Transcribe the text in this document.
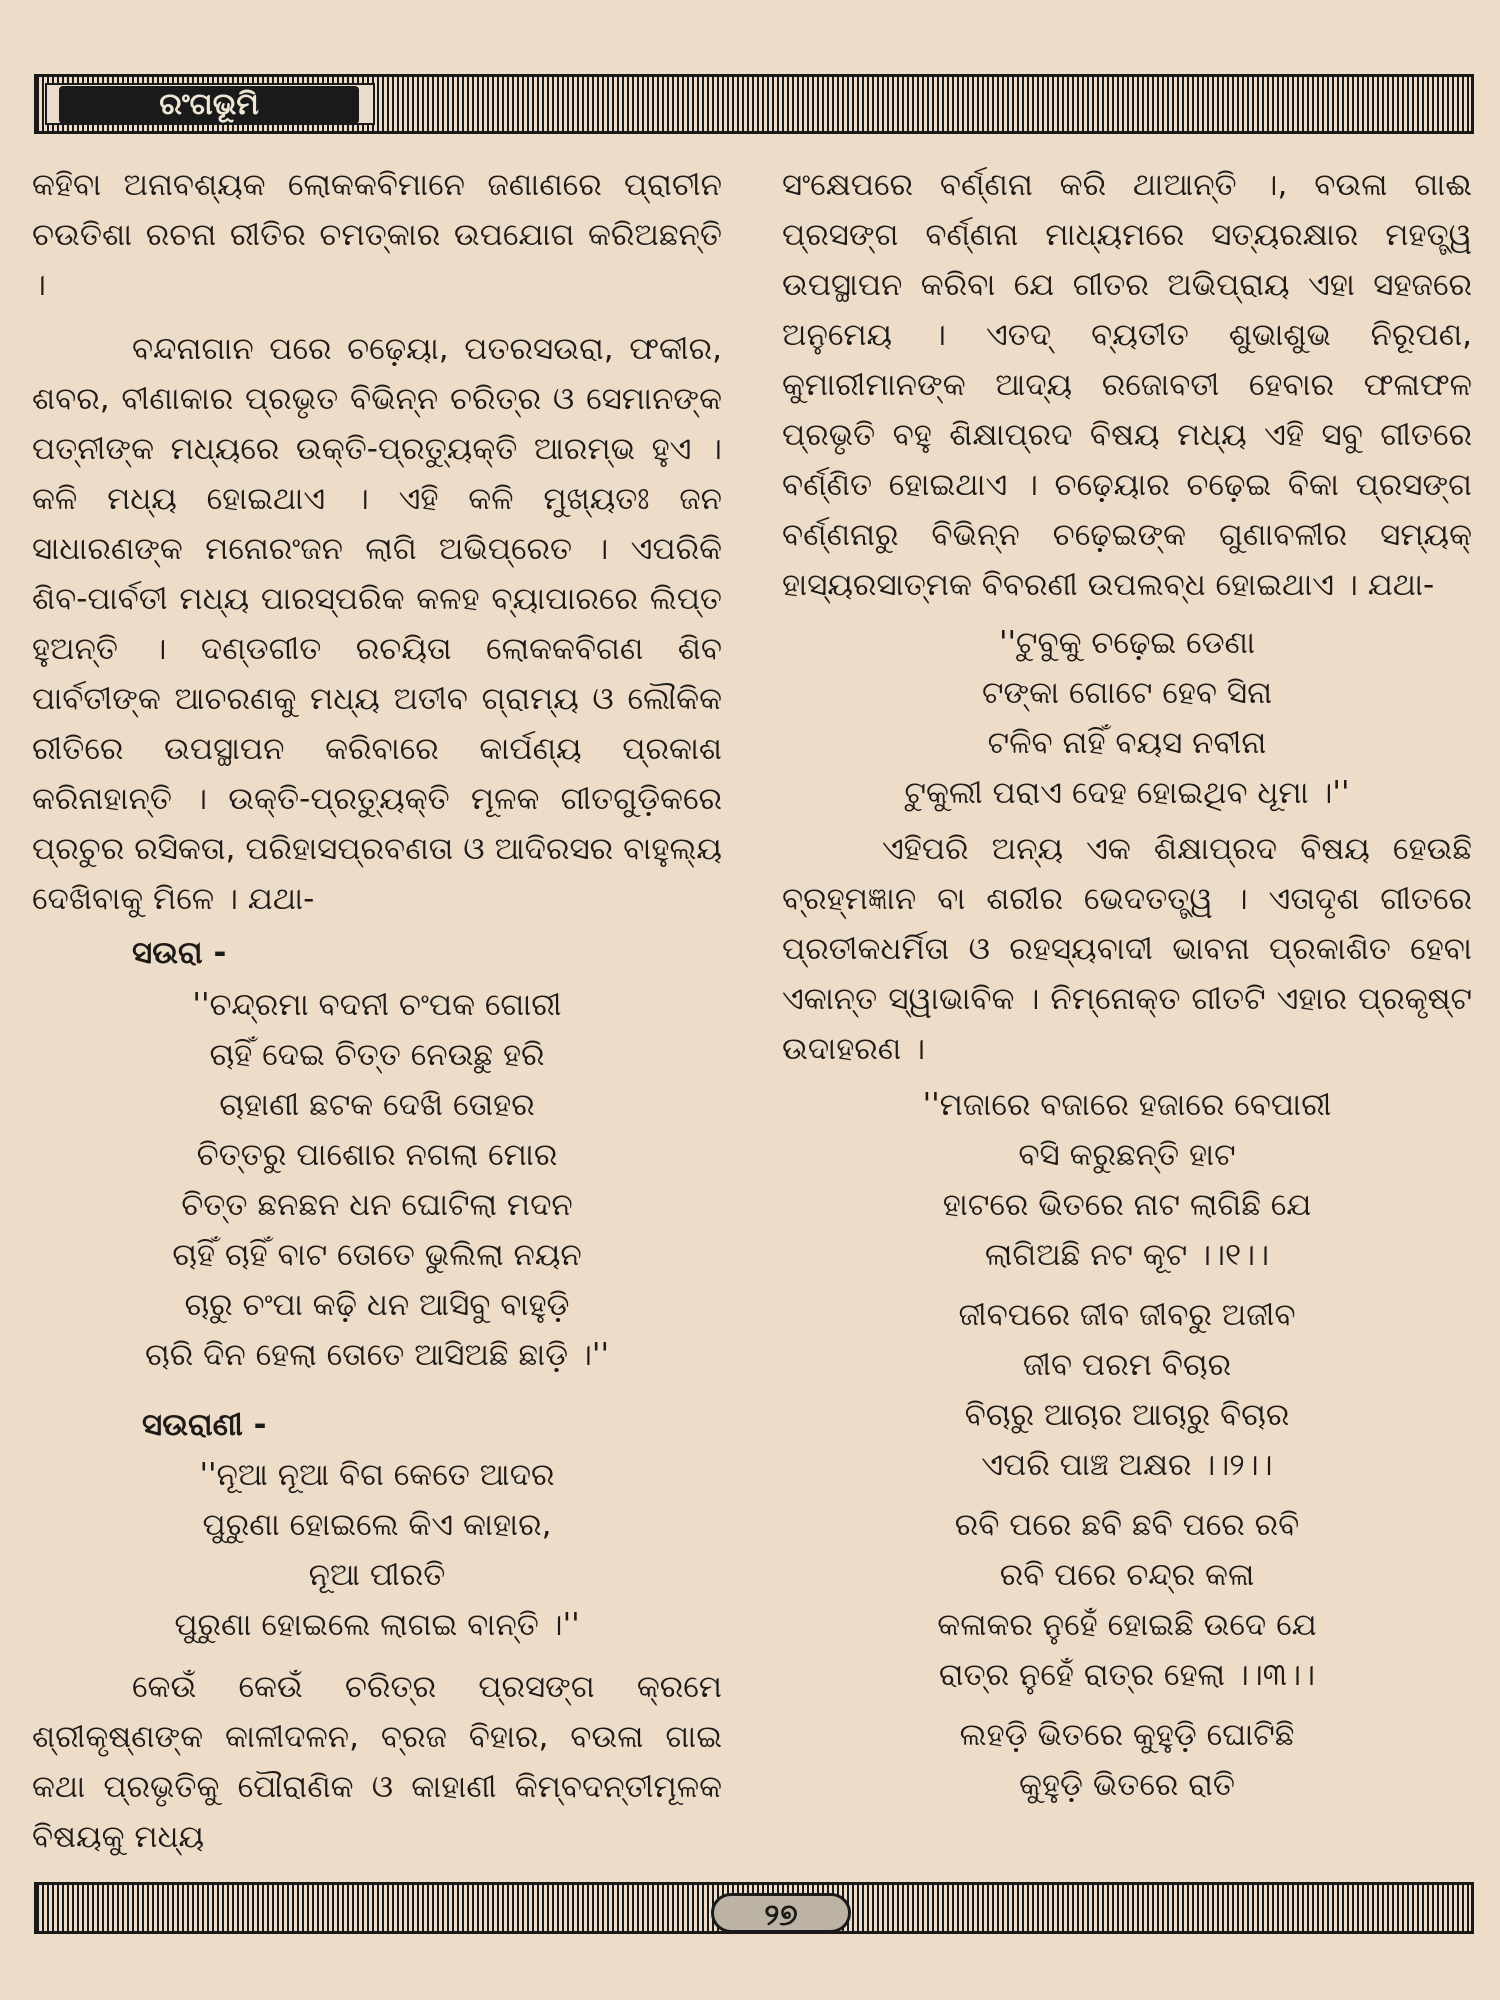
ରଂଗଭୂମି

କହିବା ଅନାବଶ୍ୟକ ଲୋକକବିମାନେ ଜଣାଣରେ ପ୍ରାଚୀନ ଚଉତିଶା ରଚନା ରୀତିର ଚମତ୍କାର ଉପଯୋଗ କରିଅଛନ୍ତି ।

ବନ୍ଦନାଗାନ ପରେ ଚଢ଼େୟା, ପତରସଉରା, ଫକୀର, ଶବର, ବୀଣାକାର ପ୍ରଭୃତ ବିଭିନ୍ନ ଚରିତ୍ର ଓ ସେମାନଙ୍କ ପତ୍ନୀଙ୍କ ମଧ୍ୟରେ ଉକ୍ତି-ପ୍ରତ୍ୟୁକ୍ତି ଆରମ୍ଭ ହୁଏ । କଳି ମଧ୍ୟ ହୋଇଥାଏ । ଏହି କଳି ମୁଖ୍ୟତଃ ଜନ ସାଧାରଣଙ୍କ ମନୋରଂଜନ ଲାଗି ଅଭିପ୍ରେତ । ଏପରିକି ଶିବ-ପାର୍ବତୀ ମଧ୍ୟ ପାରସ୍ପରିକ କଳହ ବ୍ୟାପାରରେ ଲିପ୍ତ ହୁଅନ୍ତି । ଦଣ୍ଡଗୀତ ରଚୟିତା ଲୋକକବିଗଣ ଶିବ ପାର୍ବତୀଙ୍କ ଆଚରଣକୁ ମଧ୍ୟ ଅତୀବ ଗ୍ରାମ୍ୟ ଓ ଲୌକିକ ରୀତିରେ ଉପସ୍ଥାପନ କରିବାରେ କାର୍ପଣ୍ୟ ପ୍ରକାଶ କରିନାହାନ୍ତି । ଉକ୍ତି-ପ୍ରତ୍ୟୁକ୍ତି ମୂଳକ ଗୀତଗୁଡ଼ିକରେ ପ୍ରଚୁର ରସିକତା, ପରିହାସପ୍ରବଣତା ଓ ଆଦିରସର ବାହୁଲ୍ୟ ଦେଖିବାକୁ ମିଳେ । ଯଥା-

ସଉରା -

''ଚନ୍ଦ୍ରମା ବଦନୀ ଚଂପକ ଗୋରୀ
ଚାହିଁ ଦେଇ ଚିତ୍ତ ନେଉଛୁ ହରି
ଚାହାଣୀ ଛଟକ ଦେଖି ତୋହର
ଚିତ୍ତରୁ ପାଶୋର ନଗଲା ମୋର
ଚିତ୍ତ ଛନଛନ ଧନ ଘୋଟିଲା ମଦନ
ଚାହିଁ ଚାହିଁ ବାଟ ତୋତେ ଭୁଲିଲା ନୟନ
ଚାରୁ ଚଂପା କଢ଼ି ଧନ ଆସିବୁ ବାହୁଡ଼ି
ଚାରି ଦିନ ହେଲା ତୋତେ ଆସିଅଛି ଛାଡ଼ି ।''

ସଉରାଣୀ -

''ନୂଆ ନୂଆ ବିଗ କେତେ ଆଦର
ପୁରୁଣା ହୋଇଲେ କିଏ କାହାର,
ନୂଆ ପୀରତି
ପୁରୁଣା ହୋଇଲେ ଲାଗଇ ବାନ୍ତି ।''

କେଉଁ କେଉଁ ଚରିତ୍ର ପ୍ରସଙ୍ଗ କ୍ରମେ ଶ୍ରୀକୃଷ୍ଣଙ୍କ କାଳୀଦଳନ, ବ୍ରଜ ବିହାର, ବଉଳା ଗାଇ କଥା ପ୍ରଭୃତିକୁ ପୌରାଣିକ ଓ କାହାଣୀ କିମ୍ବଦନ୍ତୀମୂଳକ ବିଷୟକୁ ମଧ୍ୟ

ସଂକ୍ଷେପରେ ବର୍ଣ୍ଣନା କରି ଥାଆନ୍ତି ।, ବଉଳା ଗାଈ ପ୍ରସଙ୍ଗ ବର୍ଣ୍ଣନା ମାଧ୍ୟମରେ ସତ୍ୟରକ୍ଷାର ମହତ୍ତ୍ୱ ଉପସ୍ଥାପନ କରିବା ଯେ ଗୀତର ଅଭିପ୍ରାୟ ଏହା ସହଜରେ ଅନୁମେୟ । ଏତଦ୍ ବ୍ୟତୀତ ଶୁଭାଶୁଭ ନିରୂପଣ, କୁମାରୀମାନଙ୍କ ଆଦ୍ୟ ରଜୋବତୀ ହେବାର ଫଳାଫଳ ପ୍ରଭୃତି ବହୁ ଶିକ୍ଷାପ୍ରଦ ବିଷୟ ମଧ୍ୟ ଏହି ସବୁ ଗୀତରେ ବର୍ଣ୍ଣିତ ହୋଇଥାଏ । ଚଢ଼େୟାର ଚଢ଼େଇ ବିକା ପ୍ରସଙ୍ଗ ବର୍ଣ୍ଣନାରୁ ବିଭିନ୍ନ ଚଢ଼େଇଙ୍କ ଗୁଣାବଳୀର ସମ୍ୟକ୍ ହାସ୍ୟରସାତ୍ମକ ବିବରଣୀ ଉପଲବ୍ଧ ହୋଇଥାଏ । ଯଥା-

''ଟୁବୁକୁ ଚଢ଼େଇ ଡେଣା
ଟଙ୍କା ଗୋଟେ ହେବ ସିନା
ଟଳିବ ନାହିଁ ବୟସ ନବୀନା
ଟୁକୁଲୀ ପରାଏ ଦେହ ହୋଇଥିବ ଧୂମା ।''

ଏହିପରି ଅନ୍ୟ ଏକ ଶିକ୍ଷାପ୍ରଦ ବିଷୟ ହେଉଛି ବ୍ରହ୍ମଜ୍ଞାନ ବା ଶରୀର ଭେଦତତ୍ତ୍ୱ । ଏତାଦୃଶ ଗୀତରେ ପ୍ରତୀକଧର୍ମିତା ଓ ରହସ୍ୟବାଦୀ ଭାବନା ପ୍ରକାଶିତ ହେବା ଏକାନ୍ତ ସ୍ୱାଭାବିକ । ନିମ୍ନୋକ୍ତ ଗୀତଟି ଏହାର ପ୍ରକୃଷ୍ଟ ଉଦାହରଣ ।

''ମଜାରେ ବଜାରେ ହଜାରେ ବେପାରୀ
ବସି କରୁଛନ୍ତି ହାଟ
ହାଟରେ ଭିତରେ ନାଟ ଲାଗିଛି ଯେ
ଲାଗିଅଛି ନଟ କୂଟ ।।୧।।
ଜୀବପରେ ଜୀବ ଜୀବରୁ ଅଜୀବ
ଜୀବ ପରମ ବିଚାର
ବିଚାରୁ ଆଚାର ଆଚାରୁ ବିଚାର
ଏପରି ପାଞ୍ଚ ଅକ୍ଷର ।।୨।।
ରବି ପରେ ଛବି ଛବି ପରେ ରବି
ରବି ପରେ ଚନ୍ଦ୍ର କଳା
କଳାକର ନୁହେଁ ହୋଇଛି ଉଦେ ଯେ
ରାତ୍ର ନୁହେଁ ରାତ୍ର ହେଲା ।।୩।।
ଲହଡ଼ି ଭିତରେ କୁହୁଡ଼ି ଘୋଟିଛି
କୁହୁଡ଼ି ଭିତରେ ରାତି
୨୭
